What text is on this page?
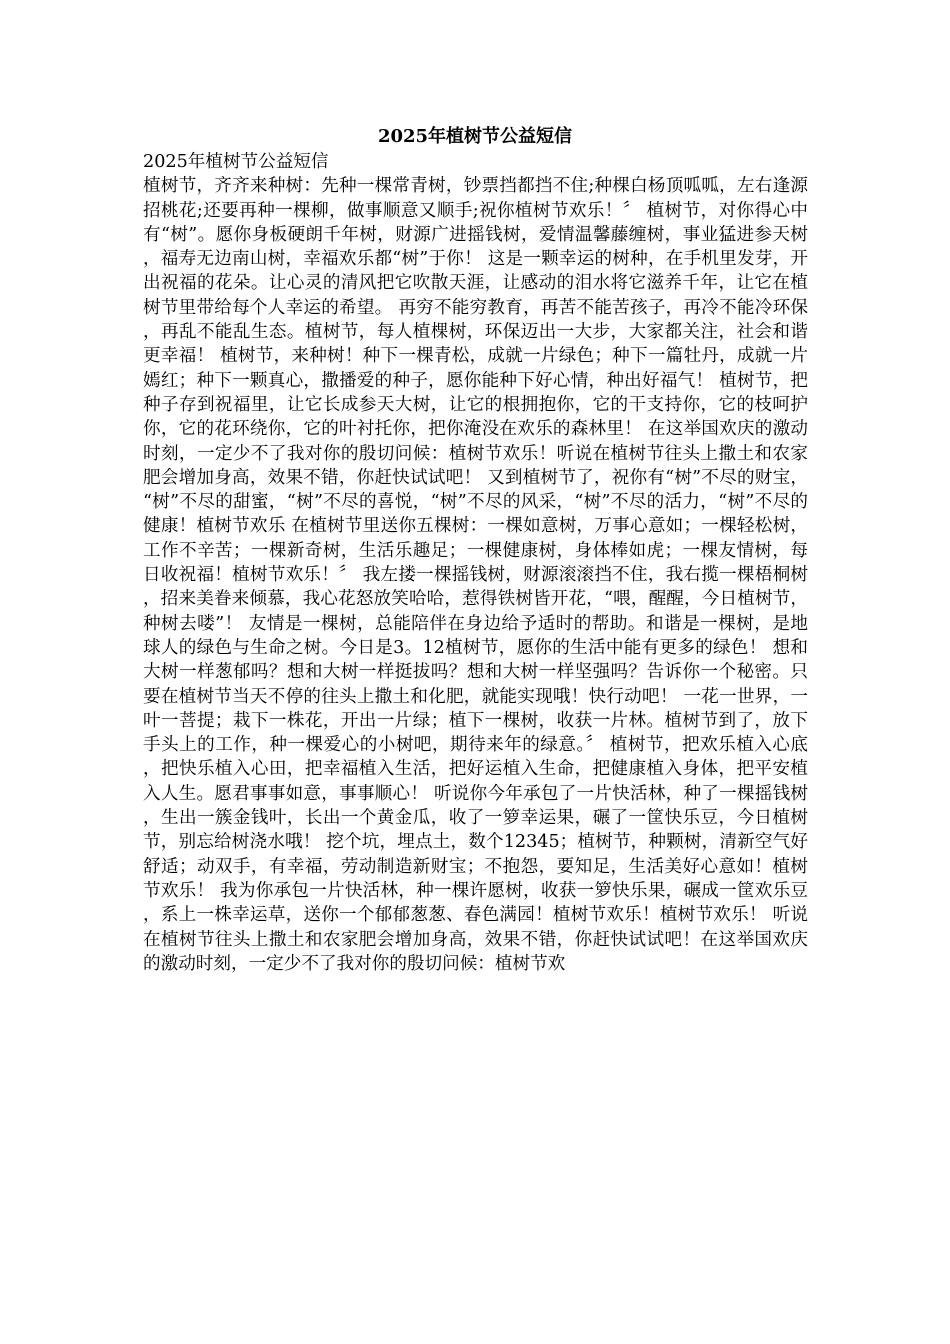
2025年植树节公益短信

2025年植树节公益短信

植树节，齐齐来种树：先种一棵常青树，钞票挡都挡不住;种棵白杨顶呱呱，左右逢源招桃花;还要再种一棵柳，做事顺意又顺手;祝你植树节欢乐！〞 植树节，对你得心中有“树”。愿你身板硬朗千年树，财源广进摇钱树，爱情温馨藤缠树，事业猛进参天树，福寿无边南山树，幸福欢乐都“树”于你！ 这是一颗幸运的树种，在手机里发芽，开出祝福的花朵。让心灵的清风把它吹散天涯，让感动的泪水将它滋养千年，让它在植树节里带给每个人幸运的希望。 再穷不能穷教育，再苦不能苦孩子，再冷不能冷环保，再乱不能乱生态。植树节，每人植棵树，环保迈出一大步，大家都关注，社会和谐更幸福！ 植树节，来种树！种下一棵青松，成就一片绿色；种下一篇牡丹，成就一片嫣红；种下一颗真心，撒播爱的种子，愿你能种下好心情，种出好福气！ 植树节，把种子存到祝福里，让它长成参天大树，让它的根拥抱你，它的干支持你，它的枝呵护你，它的花环绕你，它的叶衬托你，把你淹没在欢乐的森林里！ 在这举国欢庆的激动时刻，一定少不了我对你的殷切问候：植树节欢乐！听说在植树节往头上撒土和农家肥会增加身高，效果不错，你赶快试试吧！ 又到植树节了，祝你有“树”不尽的财宝，“树”不尽的甜蜜，“树”不尽的喜悦，“树”不尽的风采，“树”不尽的活力，“树”不尽的健康！植树节欢乐 在植树节里送你五棵树：一棵如意树，万事心意如；一棵轻松树，工作不辛苦；一棵新奇树，生活乐趣足；一棵健康树，身体棒如虎；一棵友情树，每日收祝福！植树节欢乐！〞 我左搂一棵摇钱树，财源滚滚挡不住，我右揽一棵梧桐树，招来美眷来倾慕，我心花怒放笑哈哈，惹得铁树皆开花，“喂，醒醒，今日植树节，种树去喽”！ 友情是一棵树，总能陪伴在身边给予适时的帮助。和谐是一棵树，是地球人的绿色与生命之树。今日是3。12植树节，愿你的生活中能有更多的绿色！ 想和大树一样葱郁吗？想和大树一样挺拔吗？想和大树一样坚强吗？告诉你一个秘密。只要在植树节当天不停的往头上撒土和化肥，就能实现哦！快行动吧！ 一花一世界，一叶一菩提；栽下一株花，开出一片绿；植下一棵树，收获一片林。植树节到了，放下手头上的工作，种一棵爱心的小树吧，期待来年的绿意。〞 植树节，把欢乐植入心底，把快乐植入心田，把幸福植入生活，把好运植入生命，把健康植入身体，把平安植入人生。愿君事事如意，事事顺心！ 听说你今年承包了一片快活林，种了一棵摇钱树，生出一簇金钱叶，长出一个黄金瓜，收了一箩幸运果，碾了一筐快乐豆，今日植树节，别忘给树浇水哦！ 挖个坑，埋点土，数个12345；植树节，种颗树，清新空气好舒适；动双手，有幸福，劳动制造新财宝；不抱怨，要知足，生活美好心意如！植树节欢乐！ 我为你承包一片快活林，种一棵许愿树，收获一箩快乐果，碾成一筐欢乐豆，系上一株幸运草，送你一个郁郁葱葱、春色满园！植树节欢乐！植树节欢乐！ 听说在植树节往头上撒土和农家肥会增加身高，效果不错，你赶快试试吧！在这举国欢庆的激动时刻，一定少不了我对你的殷切问候：植树节欢
